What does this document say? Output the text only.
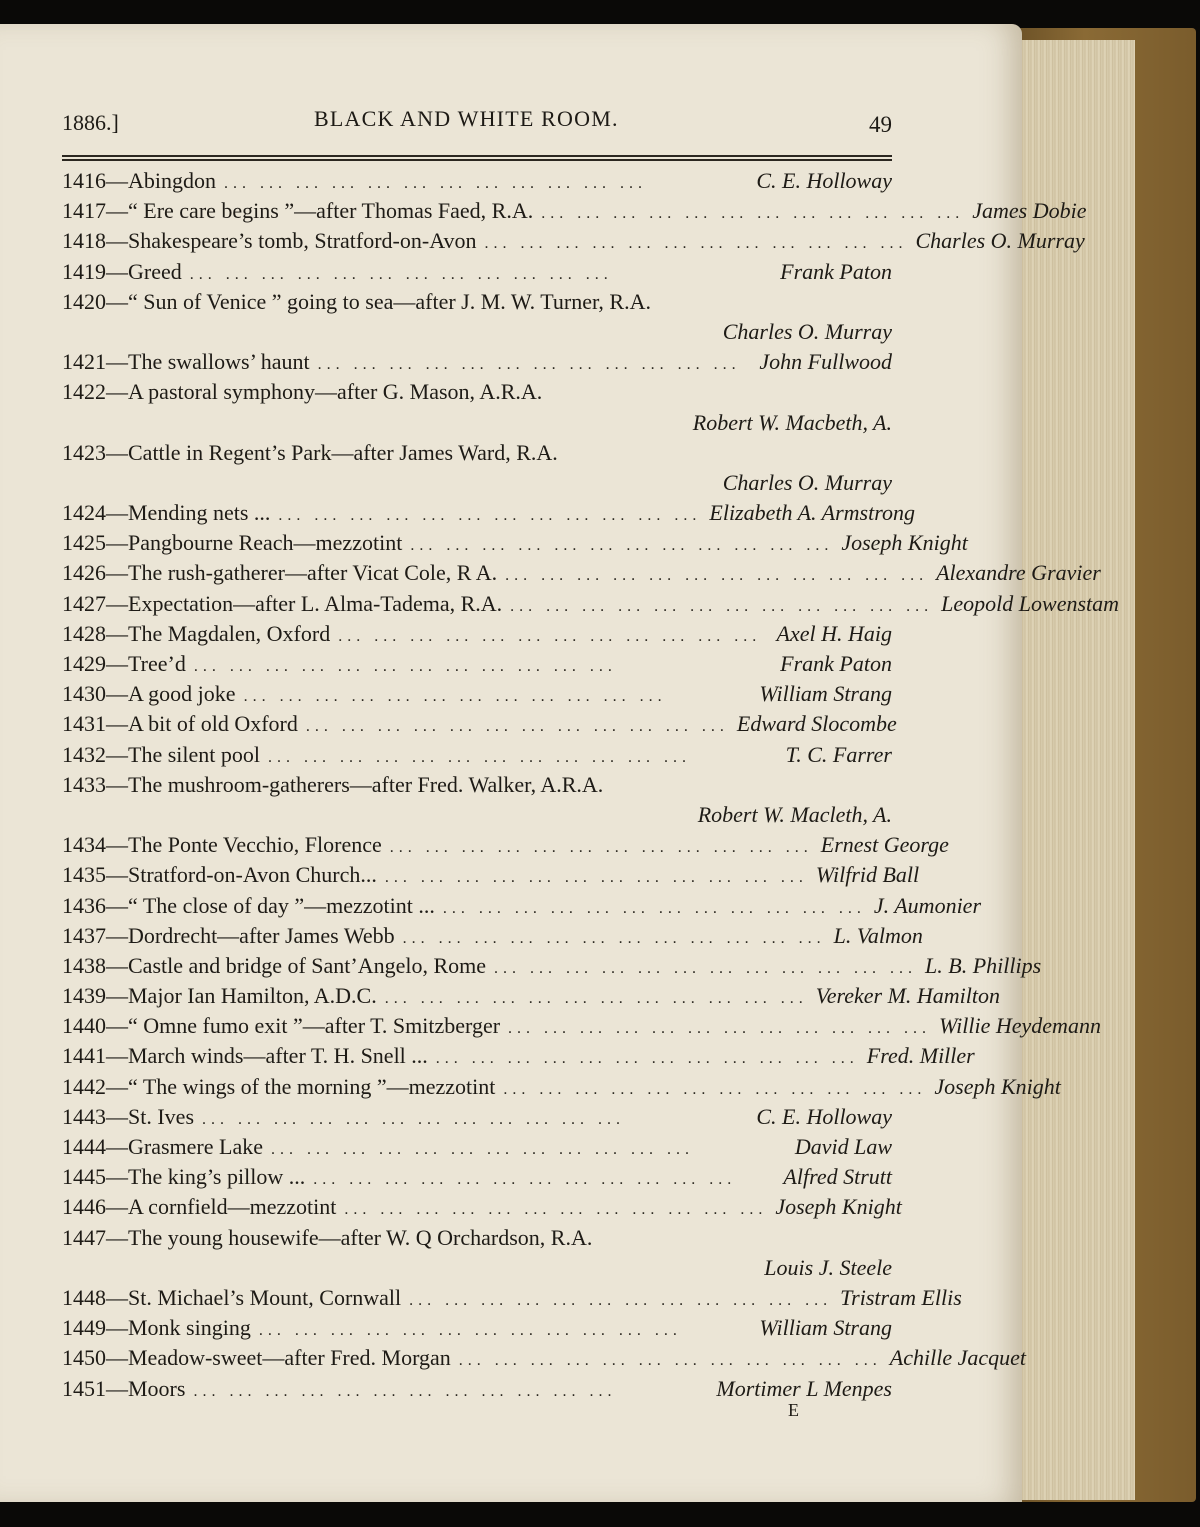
1886.]	BLACK AND WHITE ROOM.	49
1416 —Abingdon ... ... ... ... ... ... ... ... ... ... ... ...	C. E. Holloway
1417 —“ Ere care begins ”—after Thomas Faed, R.A. ... ... ... ... ... ... ... ... ... ... ... ... James Dobie
1418 —Shakespeare’s tomb, Stratford-on-Avon ... ... ... ... ... ... ... ... ... ... ... ... Charles O. Murray
1419 —Greed ... ... ... ... ... ... ... ... ... ... ... ...	Frank Paton
1420 —“ Sun of Venice ” going to sea—after J. M. W. Turner, R.A.
Charles O. Murray
1421 —The swallows’ haunt ... ... ... ... ... ... ... ... ... ... ... ... John Fullwood
1422 —A pastoral symphony—after G. Mason, A.R.A.
Robert W. Macbeth, A.
1423 —Cattle in Regent’s Park—after James Ward, R.A.
Charles O. Murray
1424 —Mending nets ... ... ... ... ... ... ... ... ... ... ... ... ... Elizabeth A. Armstrong
1425 —Pangbourne Reach—mezzotint ... ... ... ... ... ... ... ... ... ... ... ... Joseph Knight
1426 —The rush-gatherer—after Vicat Cole, R A. ... ... ... ... ... ... ... ... ... ... ... ... Alexandre Gravier
1427 —Expectation—after L. Alma-Tadema, R.A. ... ... ... ... ... ... ... ... ... ... ... ... Leopold Lowenstam
1428 —The Magdalen, Oxford ... ... ... ... ... ... ... ... ... ... ... ... Axel H. Haig
1429 —Tree’d ... ... ... ... ... ... ... ... ... ... ... ...	Frank Paton
1430 —A good joke ... ... ... ... ... ... ... ... ... ... ... ...	William Strang
1431 —A bit of old Oxford ... ... ... ... ... ... ... ... ... ... ... ... Edward Slocombe
1432 —The silent pool ... ... ... ... ... ... ... ... ... ... ... ...	T. C. Farrer
1433 —The mushroom-gatherers—after Fred. Walker, A.R.A.
Robert W. Macleth, A.
1434 —The Ponte Vecchio, Florence ... ... ... ... ... ... ... ... ... ... ... ... Ernest George
1435 —Stratford-on-Avon Church... ... ... ... ... ... ... ... ... ... ... ... ... Wilfrid Ball
1436 —“ The close of day ”—mezzotint ... ... ... ... ... ... ... ... ... ... ... ... ... J. Aumonier
1437 —Dordrecht—after James Webb ... ... ... ... ... ... ... ... ... ... ... ... L. Valmon
1438 —Castle and bridge of Sant’Angelo, Rome ... ... ... ... ... ... ... ... ... ... ... ... L. B. Phillips
1439 —Major Ian Hamilton, A.D.C. ... ... ... ... ... ... ... ... ... ... ... ... Vereker M. Hamilton
1440 —“ Omne fumo exit ”—after T. Smitzberger ... ... ... ... ... ... ... ... ... ... ... ... Willie Heydemann
1441 —March winds—after T. H. Snell ... ... ... ... ... ... ... ... ... ... ... ... ... Fred. Miller
1442 —“ The wings of the morning ”—mezzotint ... ... ... ... ... ... ... ... ... ... ... ... Joseph Knight
1443 —St. Ives ... ... ... ... ... ... ... ... ... ... ... ...	C. E. Holloway
1444 —Grasmere Lake ... ... ... ... ... ... ... ... ... ... ... ...	David Law
1445 —The king’s pillow ... ... ... ... ... ... ... ... ... ... ... ... ...	Alfred Strutt
1446 —A cornfield—mezzotint ... ... ... ... ... ... ... ... ... ... ... ... Joseph Knight
1447 —The young housewife—after W. Q Orchardson, R.A.
Louis J. Steele
1448 —St. Michael’s Mount, Cornwall ... ... ... ... ... ... ... ... ... ... ... ... Tristram Ellis
1449 —Monk singing ... ... ... ... ... ... ... ... ... ... ... ...	William Strang
1450 —Meadow-sweet—after Fred. Morgan ... ... ... ... ... ... ... ... ... ... ... ... Achille Jacquet
1451 —Moors ... ... ... ... ... ... ... ... ... ... ... ...	Mortimer L Menpes
E
